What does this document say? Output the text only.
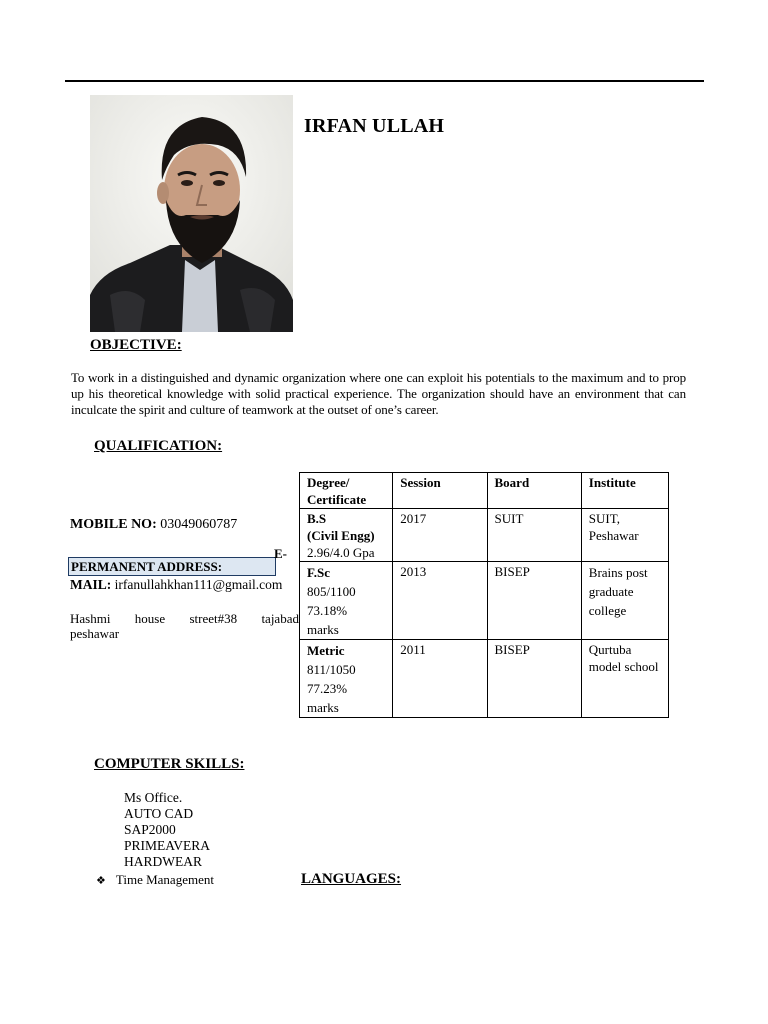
IRFAN ULLAH
OBJECTIVE:
To work in a distinguished and dynamic organization where one can exploit his potentials to the maximum and to prop up his theoretical knowledge with solid practical experience. The organization should have an environment that can inculcate the spirit and culture of teamwork at the outset of one’s career.
QUALIFICATION:
MOBILE NO: 03049060787
PERMANENT ADDRESS:
E-
MAIL: irfanullahkhan111@gmail.com
Hashmi house street#38 tajabad
peshawar
Degree/ Certificate	Session	Board	Institute

B.S
(Civil Engg)
2.96/4.0 Gpa	2017	SUIT	SUIT, Peshawar

F.Sc
805/1100
73.18%
marks	2013	BISEP	Brains post graduate college

Metric
811/1050
77.23%
marks	2011	BISEP	Qurtuba model school
COMPUTER SKILLS:
Ms Office.
AUTO CAD
SAP2000
PRIMEAVERA
HARDWEAR
❖ Time Management	LANGUAGES:
